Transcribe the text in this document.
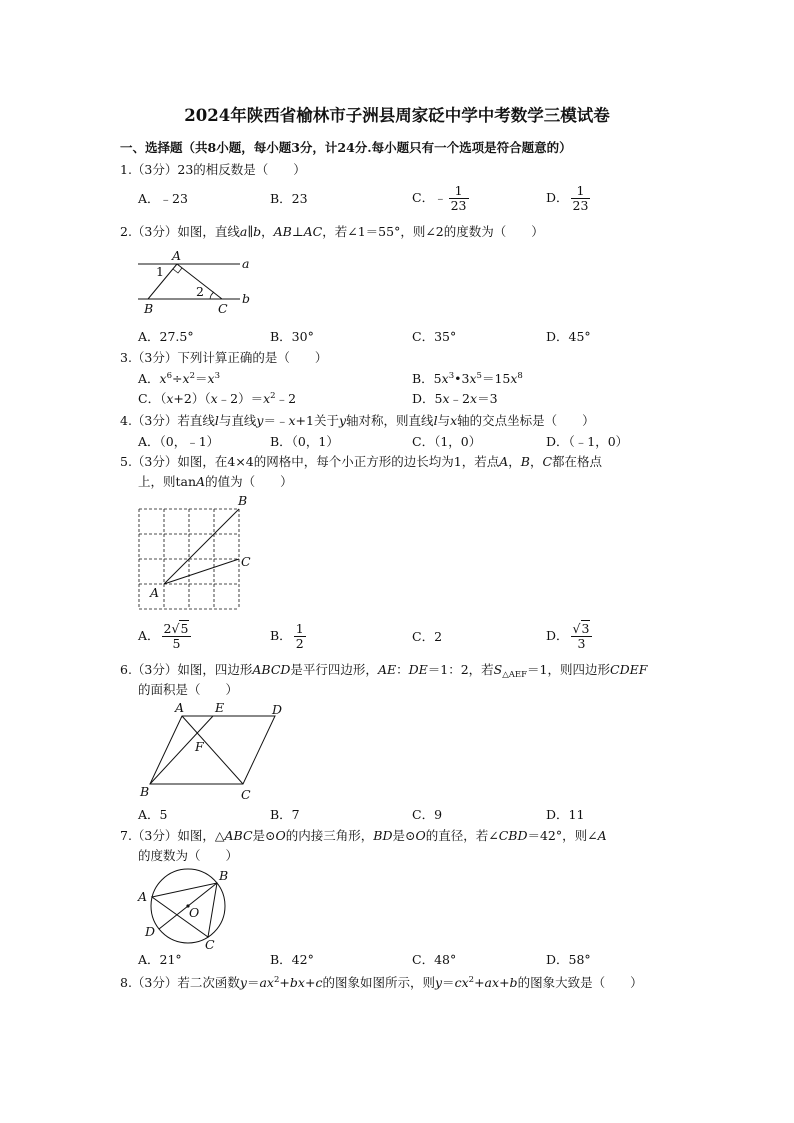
2024年陕西省榆林市子洲县周家砭中学中考数学三模试卷
一、选择题（共8小题，每小题3分，计24分.每小题只有一个选项是符合题意的）
1.（3分）23的相反数是（　　）
A．﹣23	B．23	C．﹣ $\frac{1}{23}$	D． $\frac{1}{23}$
2.（3分）如图，直线a∥b，AB⊥AC，若∠1＝55°，则∠2的度数为（　　）
A
B	C
a
b
1
2
A．27.5°	B．30°	C．35°	D．45°
3.（3分）下列计算正确的是（　　）
A．$x^6\div x^2=x^3$	B．$5x^3•3x^5=15x^8$
C．$(x+2)(x﹣2)=x^2﹣2$	D．5x﹣2x＝3
4.（3分）若直线l与直线y＝﹣x+1关于y轴对称，则直线l与x轴的交点坐标是（　　）
A．（0，﹣1）	B．（0，1）	C．（1，0）	D．（﹣1，0）
5.（3分）如图，在4×4的网格中，每个小正方形的边长均为1，若点A，B，C都在格点
上，则tanA的值为（　　）
B
C
A
A． $\frac{2√5}{5}$	B． $\frac{1}{2}$	C．2	D． $\frac{√3}{3}$
6.（3分）如图，四边形ABCD是平行四边形，AE：DE＝1：2，若$S_{\triangle AEF}=1$，则四边形CDEF
的面积是（　　）
A E	D
F
B	C
A．5	B．7	C．9	D．11
7.（3分）如图，△ABC是⊙O的内接三角形，BD是⊙O的直径，若∠CBD＝42°，则∠A
的度数为（　　）
B
A
O
D
C
A．21°	B．42°	C．48°	D．58°
8.（3分）若二次函数$y=ax^2+bx+c$的图象如图所示，则$y=cx^2+ax+b$的图象大致是（　　）
